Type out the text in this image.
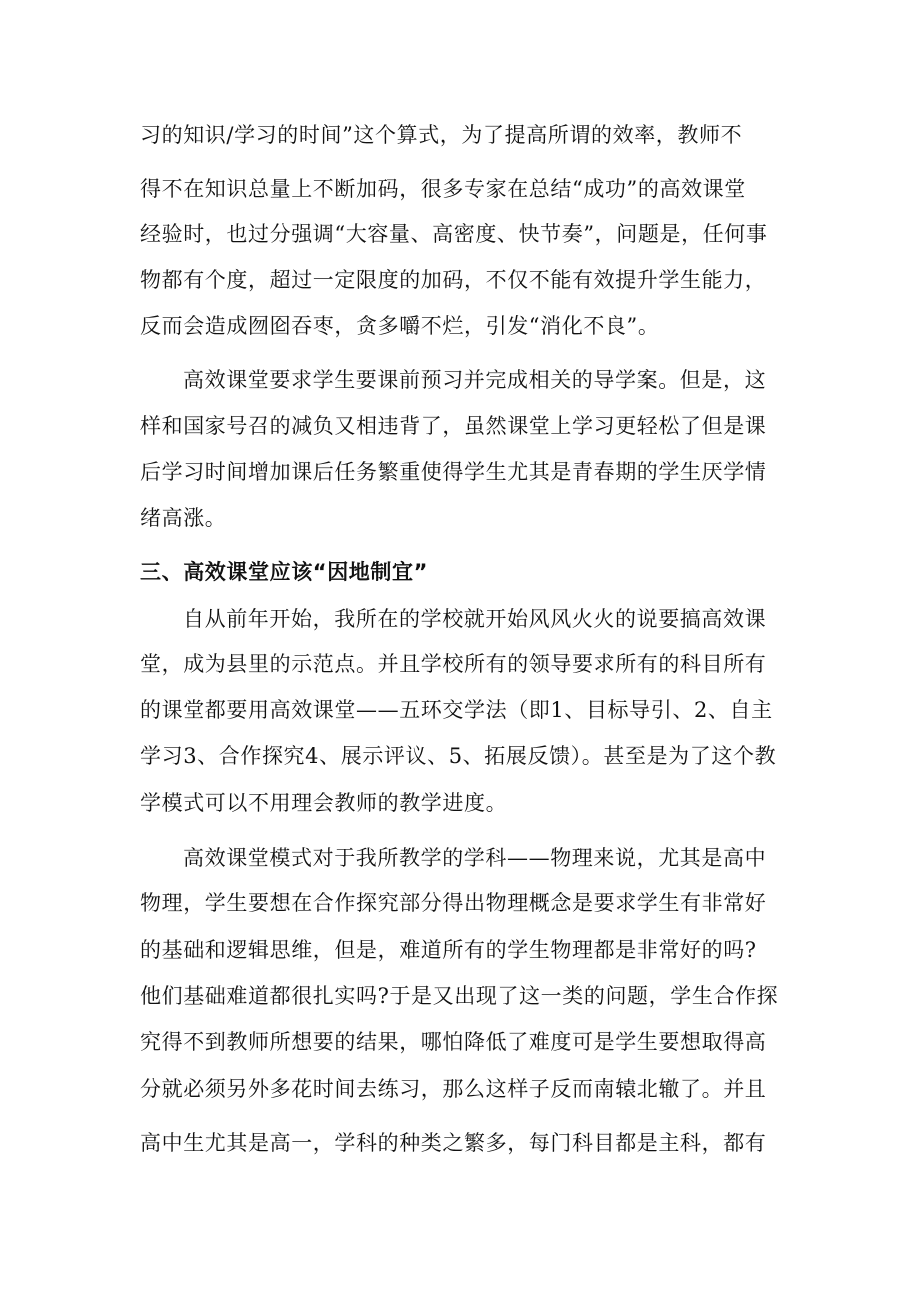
习的知识/学习的时间”这个算式，为了提高所谓的效率，教师不
得不在知识总量上不断加码，很多专家在总结“成功”的高效课堂
经验时，也过分强调“大容量、高密度、快节奏”，问题是，任何事
物都有个度，超过一定限度的加码，不仅不能有效提升学生能力，
反而会造成囫囵吞枣，贪多嚼不烂，引发“消化不良”。
高效课堂要求学生要课前预习并完成相关的导学案。但是，这
样和国家号召的减负又相违背了，虽然课堂上学习更轻松了但是课
后学习时间增加课后任务繁重使得学生尤其是青春期的学生厌学情
绪高涨。
三、高效课堂应该“因地制宜”
自从前年开始，我所在的学校就开始风风火火的说要搞高效课
堂，成为县里的示范点。并且学校所有的领导要求所有的科目所有
的课堂都要用高效课堂——五环交学法（即1、目标导引、2、自主
学习3、合作探究4、展示评议、5、拓展反馈）。甚至是为了这个教
学模式可以不用理会教师的教学进度。
高效课堂模式对于我所教学的学科——物理来说，尤其是高中
物理，学生要想在合作探究部分得出物理概念是要求学生有非常好
的基础和逻辑思维，但是，难道所有的学生物理都是非常好的吗?
他们基础难道都很扎实吗?于是又出现了这一类的问题，学生合作探
究得不到教师所想要的结果，哪怕降低了难度可是学生要想取得高
分就必须另外多花时间去练习，那么这样子反而南辕北辙了。并且
高中生尤其是高一，学科的种类之繁多，每门科目都是主科，都有
